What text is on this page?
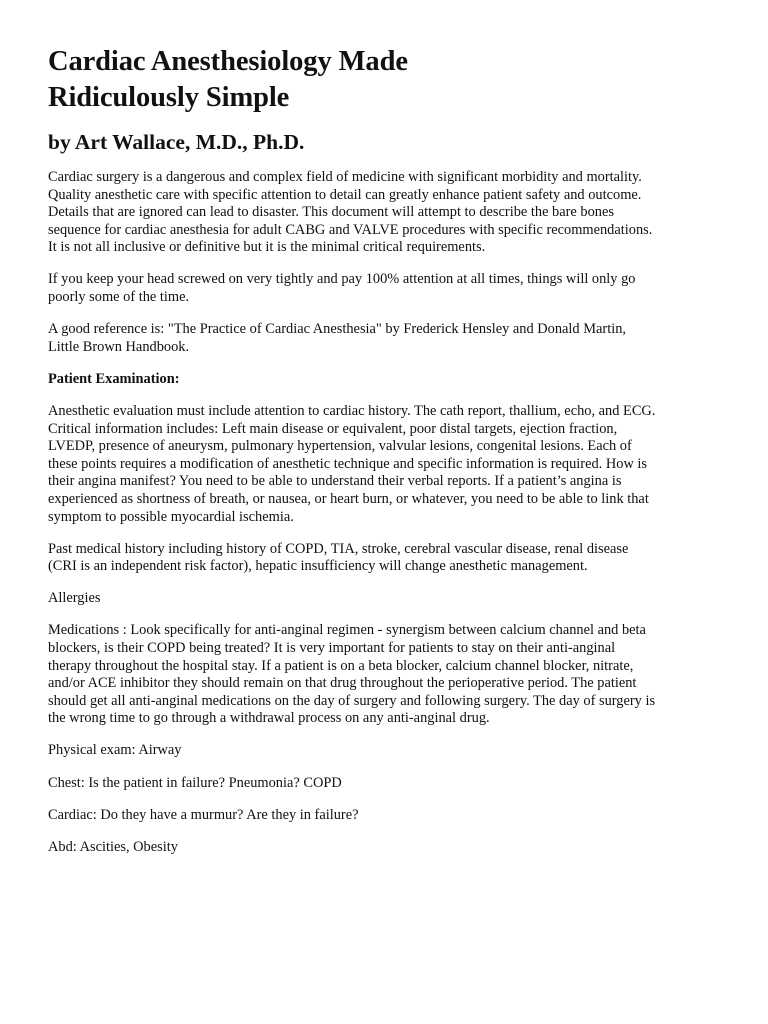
Cardiac Anesthesiology Made
Ridiculously Simple
by Art Wallace, M.D., Ph.D.

Cardiac surgery is a dangerous and complex field of medicine with significant morbidity and mortality. Quality anesthetic care with specific attention to detail can greatly enhance patient safety and outcome. Details that are ignored can lead to disaster. This document will attempt to describe the bare bones sequence for cardiac anesthesia for adult CABG and VALVE procedures with specific recommendations. It is not all inclusive or definitive but it is the minimal critical requirements.

If you keep your head screwed on very tightly and pay 100% attention at all times, things will only go poorly some of the time.

A good reference is: "The Practice of Cardiac Anesthesia" by Frederick Hensley and Donald Martin, Little Brown Handbook.

Patient Examination:

Anesthetic evaluation must include attention to cardiac history. The cath report, thallium, echo, and ECG. Critical information includes: Left main disease or equivalent, poor distal targets, ejection fraction, LVEDP, presence of aneurysm, pulmonary hypertension, valvular lesions, congenital lesions. Each of these points requires a modification of anesthetic technique and specific information is required. How is their angina manifest? You need to be able to understand their verbal reports. If a patient’s angina is experienced as shortness of breath, or nausea, or heart burn, or whatever, you need to be able to link that symptom to possible myocardial ischemia.

Past medical history including history of COPD, TIA, stroke, cerebral vascular disease, renal disease (CRI is an independent risk factor), hepatic insufficiency will change anesthetic management.

Allergies

Medications : Look specifically for anti-anginal regimen - synergism between calcium channel and beta blockers, is their COPD being treated? It is very important for patients to stay on their anti-anginal therapy throughout the hospital stay. If a patient is on a beta blocker, calcium channel blocker, nitrate, and/or ACE inhibitor they should remain on that drug throughout the perioperative period. The patient should get all anti-anginal medications on the day of surgery and following surgery. The day of surgery is the wrong time to go through a withdrawal process on any anti-anginal drug.

Physical exam: Airway

Chest: Is the patient in failure? Pneumonia? COPD

Cardiac: Do they have a murmur? Are they in failure?

Abd: Ascities, Obesity
